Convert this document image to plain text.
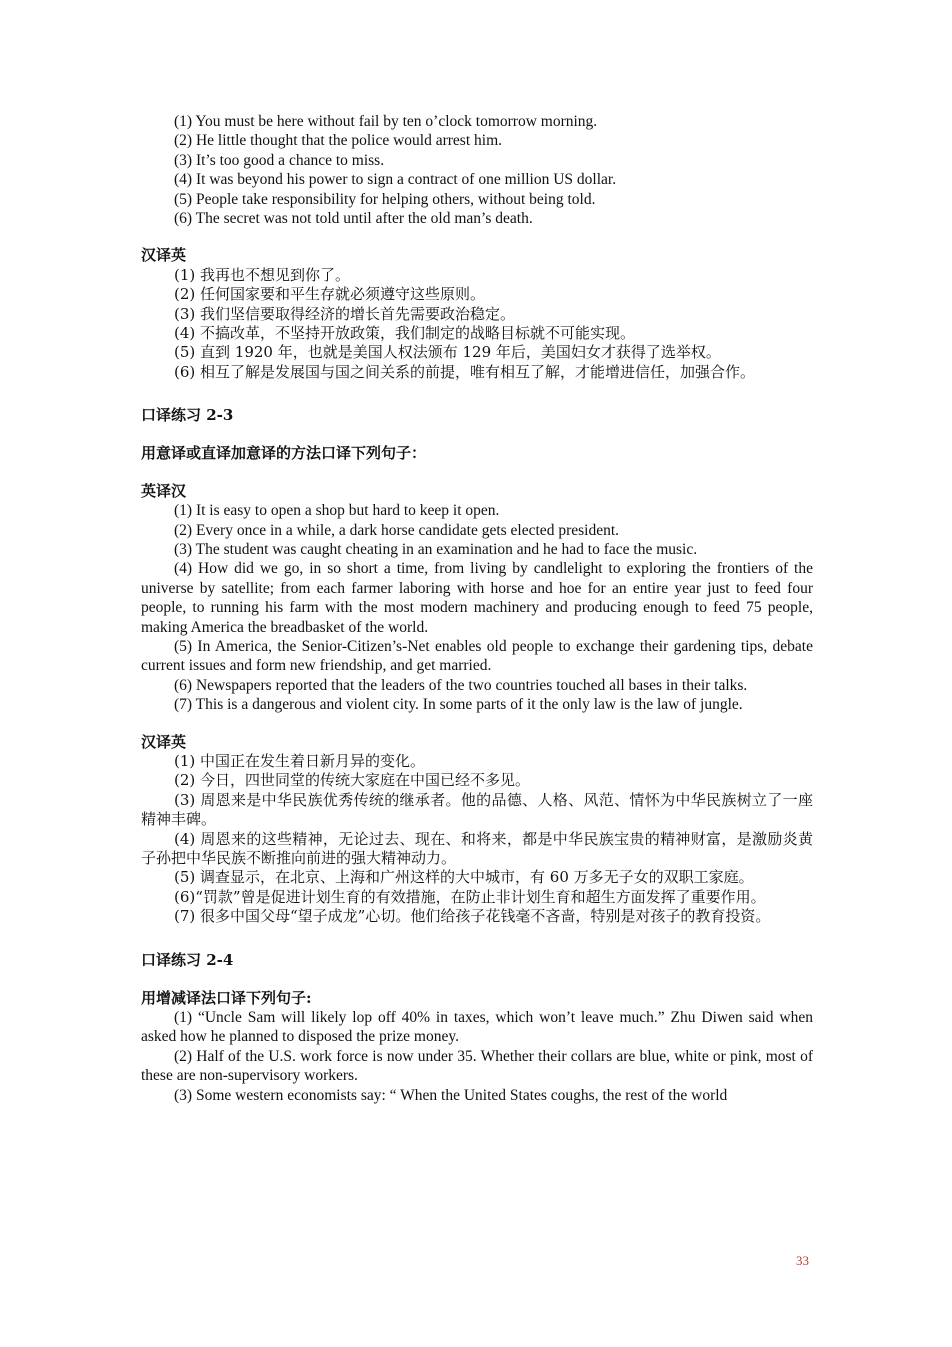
(1) You must be here without fail by ten o’clock tomorrow morning.
(2) He little thought that the police would arrest him.
(3) It’s too good a chance to miss.
(4) It was beyond his power to sign a contract of one million US dollar.
(5) People take responsibility for helping others, without being told.
(6) The secret was not told until after the old man’s death.

汉译英

(1) 我再也不想见到你了。
(2) 任何国家要和平生存就必须遵守这些原则。
(3) 我们坚信要取得经济的增长首先需要政治稳定。
(4) 不搞改革，不坚持开放政策，我们制定的战略目标就不可能实现。
(5) 直到 1920 年，也就是美国人权法颁布 129 年后，美国妇女才获得了选举权。
(6) 相互了解是发展国与国之间关系的前提，唯有相互了解，才能增进信任，加强合作。

口译练习 2-3

用意译或直译加意译的方法口译下列句子：

英译汉

(1) It is easy to open a shop but hard to keep it open.

(2) Every once in a while, a dark horse candidate gets elected president.

(3) The student was caught cheating in an examination and he had to face the music.

(4) How did we go, in so short a time, from living by candlelight to exploring the frontiers of the universe by satellite; from each farmer laboring with horse and hoe for an entire year just to feed four people, to running his farm with the most modern machinery and producing enough to feed 75 people, making America the breadbasket of the world.

(5) In America, the Senior-Citizen’s-Net enables old people to exchange their gardening tips, debate current issues and form new friendship, and get married.

(6) Newspapers reported that the leaders of the two countries touched all bases in their talks.

(7) This is a dangerous and violent city. In some parts of it the only law is the law of jungle.

汉译英

(1) 中国正在发生着日新月异的变化。

(2) 今日，四世同堂的传统大家庭在中国已经不多见。

(3) 周恩来是中华民族优秀传统的继承者。他的品德、人格、风范、情怀为中华民族树立了一座精神丰碑。

(4) 周恩来的这些精神，无论过去、现在、和将来，都是中华民族宝贵的精神财富，是激励炎黄子孙把中华民族不断推向前进的强大精神动力。

(5) 调查显示，在北京、上海和广州这样的大中城市，有 60 万多无子女的双职工家庭。

(6)“罚款”曾是促进计划生育的有效措施，在防止非计划生育和超生方面发挥了重要作用。

(7) 很多中国父母“望子成龙”心切。他们给孩子花钱毫不吝啬，特别是对孩子的教育投资。

口译练习 2-4

用增减译法口译下列句子:

(1) “Uncle Sam will likely lop off 40% in taxes, which won’t leave much.” Zhu Diwen said when asked how he planned to disposed the prize money.

(2) Half of the U.S. work force is now under 35. Whether their collars are blue, white or pink, most of these are non-supervisory workers.

(3) Some western economists say: “ When the United States coughs, the rest of the world

33
